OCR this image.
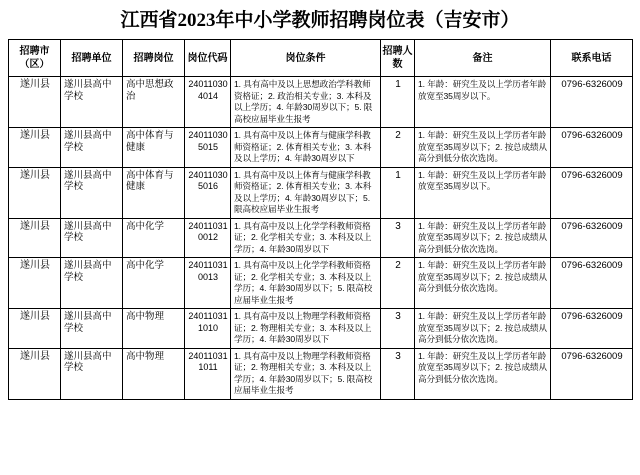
江西省2023年中小学教师招聘岗位表（吉安市）
招聘市（区）	招聘单位	招聘岗位	岗位代码	岗位条件	招聘人数	备注	联系电话
遂川县	遂川县高中学校	高中思想政治	240110304014	1. 具有高中及以上思想政治学科教师资格证；2. 政治相关专业；3. 本科及以上学历；4. 年龄30周岁以下；5. 限高校应届毕业生报考	1	1. 年龄：研究生及以上学历者年龄放宽至35周岁以下。	0796-6326009
遂川县	遂川县高中学校	高中体育与健康	240110305015	1. 具有高中及以上体育与健康学科教师资格证；2. 体育相关专业；3. 本科及以上学历；4. 年龄30周岁以下	2	1. 年龄：研究生及以上学历者年龄放宽至35周岁以下；2. 按总成绩从高分到低分依次选岗。	0796-6326009
遂川县	遂川县高中学校	高中体育与健康	240110305016	1. 具有高中及以上体育与健康学科教师资格证；2. 体育相关专业；3. 本科及以上学历；4. 年龄30周岁以下；5. 限高校应届毕业生报考	1	1. 年龄：研究生及以上学历者年龄放宽至35周岁以下。	0796-6326009
遂川县	遂川县高中学校	高中化学	240110310012	1. 具有高中及以上化学学科教师资格证；2. 化学相关专业；3. 本科及以上学历；4. 年龄30周岁以下	3	1. 年龄：研究生及以上学历者年龄放宽至35周岁以下；2. 按总成绩从高分到低分依次选岗。	0796-6326009
遂川县	遂川县高中学校	高中化学	240110310013	1. 具有高中及以上化学学科教师资格证；2. 化学相关专业；3. 本科及以上学历；4. 年龄30周岁以下；5. 限高校应届毕业生报考	2	1. 年龄：研究生及以上学历者年龄放宽至35周岁以下；2. 按总成绩从高分到低分依次选岗。	0796-6326009
遂川县	遂川县高中学校	高中物理	240110311010	1. 具有高中及以上物理学科教师资格证；2. 物理相关专业；3. 本科及以上学历；4. 年龄30周岁以下	3	1. 年龄：研究生及以上学历者年龄放宽至35周岁以下；2. 按总成绩从高分到低分依次选岗。	0796-6326009
遂川县	遂川县高中学校	高中物理	240110311011	1. 具有高中及以上物理学科教师资格证；2. 物理相关专业；3. 本科及以上学历；4. 年龄30周岁以下；5. 限高校应届毕业生报考	3	1. 年龄：研究生及以上学历者年龄放宽至35周岁以下；2. 按总成绩从高分到低分依次选岗。	0796-6326009
